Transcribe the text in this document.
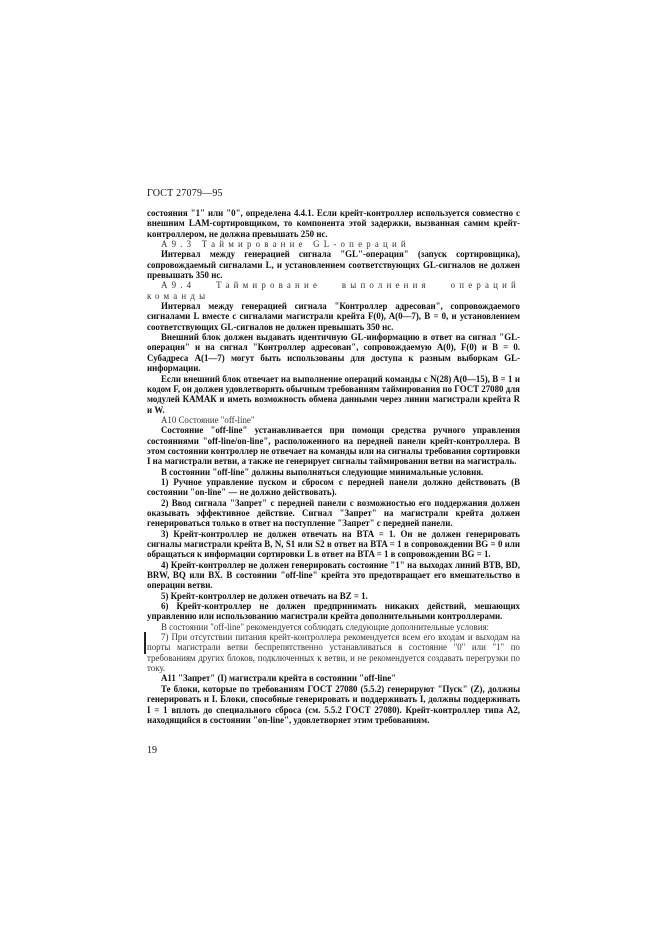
ГОСТ 27079—95

состояния "1" или "0", определена 4.4.1. Если крейт-контроллер используется совместно с внешним LAM-сортировщиком, то компонента этой задержки, вызванная самим крейт-контроллером, не должна превышать 250 нс.

А9.3 Таймирование GL-операций

Интервал между генерацией сигнала "GL"-операция" (запуск сортировщика), сопровождаемый сигналами L, и установлением соответствующих GL-сигналов не должен превышать 350 нс.

А9.4 Таймирование выполнения операций команды

Интервал между генерацией сигнала "Контроллер адресован", сопровождаемого сигналами L вместе с сигналами магистрали крейта F(0), A(0—7), B = 0, и установлением соответствующих GL-сигналов не должен превышать 350 нс.

Внешний блок должен выдавать идентичную GL-информацию в ответ на сигнал "GL-операция" и на сигнал "Контроллер адресован", сопровождаемую A(0), F(0) и B = 0. Субадреса A(1—7) могут быть использованы для доступа к разным выборкам GL-информации.

Если внешний блок отвечает на выполнение операций команды с N(28) A(0—15), B = 1 и кодом F, он должен удовлетворять обычным требованиям таймирования по ГОСТ 27080 для модулей КАМАК и иметь возможность обмена данными через линии магистрали крейта R и W.

А10 Состояние "off-line"

Состояние "off-line" устанавливается при помощи средства ручного управления состояниями "off-line/on-line", расположенного на передней панели крейт-контроллера. В этом состоянии контроллер не отвечает на команды или на сигналы требования сортировки I на магистрали ветви, а также не генерирует сигналы таймирования ветви на магистраль.

В состоянии "off-line" должны выполняться следующие минимальные условия.

1) Ручное управление пуском и сбросом с передней панели должно действовать (В состоянии "on-line" — не должно действовать).

2) Ввод сигнала "Запрет" с передней панели с возможностью его поддержания должен оказывать эффективное действие. Сигнал "Запрет" на магистрали крейта должен генерироваться только в ответ на поступление "Запрет" с передней панели.

3) Крейт-контроллер не должен отвечать на BTA = 1. Он не должен генерировать сигналы магистрали крейта B, N, S1 или S2 в ответ на BTA = 1 в сопровождении BG = 0 или обращаться к информации сортировки L в ответ на BTA = 1 в сопровождении BG = 1.

4) Крейт-контроллер не должен генерировать состояние "1" на выходах линий BTB, BD, BRW, BQ или BX. В состоянии "off-line" крейта это предотвращает его вмешательство в операции ветви.

5) Крейт-контроллер не должен отвечать на BZ = 1.

6) Крейт-контроллер не должен предпринимать никаких действий, мешающих управлению или использованию магистрали крейта дополнительными контроллерами.

В состоянии "off-line" рекомендуется соблюдать следующие дополнительные условия:

7) При отсутствии питания крейт-контроллера рекомендуется всем его входам и выходам на порты магистрали ветви беспрепятственно устанавливаться в состояние "0" или "1" по требованиям других блоков, подключенных к ветви, и не рекомендуется создавать перегрузки по току.

А11 "Запрет" (I) магистрали крейта в состоянии "off-line"

Те блоки, которые по требованиям ГОСТ 27080 (5.5.2) генерируют "Пуск" (Z), должны генерировать и I. Блоки, способные генерировать и поддерживать I, должны поддерживать I = 1 вплоть до специального сброса (см. 5.5.2 ГОСТ 27080). Крейт-контроллер типа А2, находящийся в состоянии "on-line", удовлетворяет этим требованиям.

19
